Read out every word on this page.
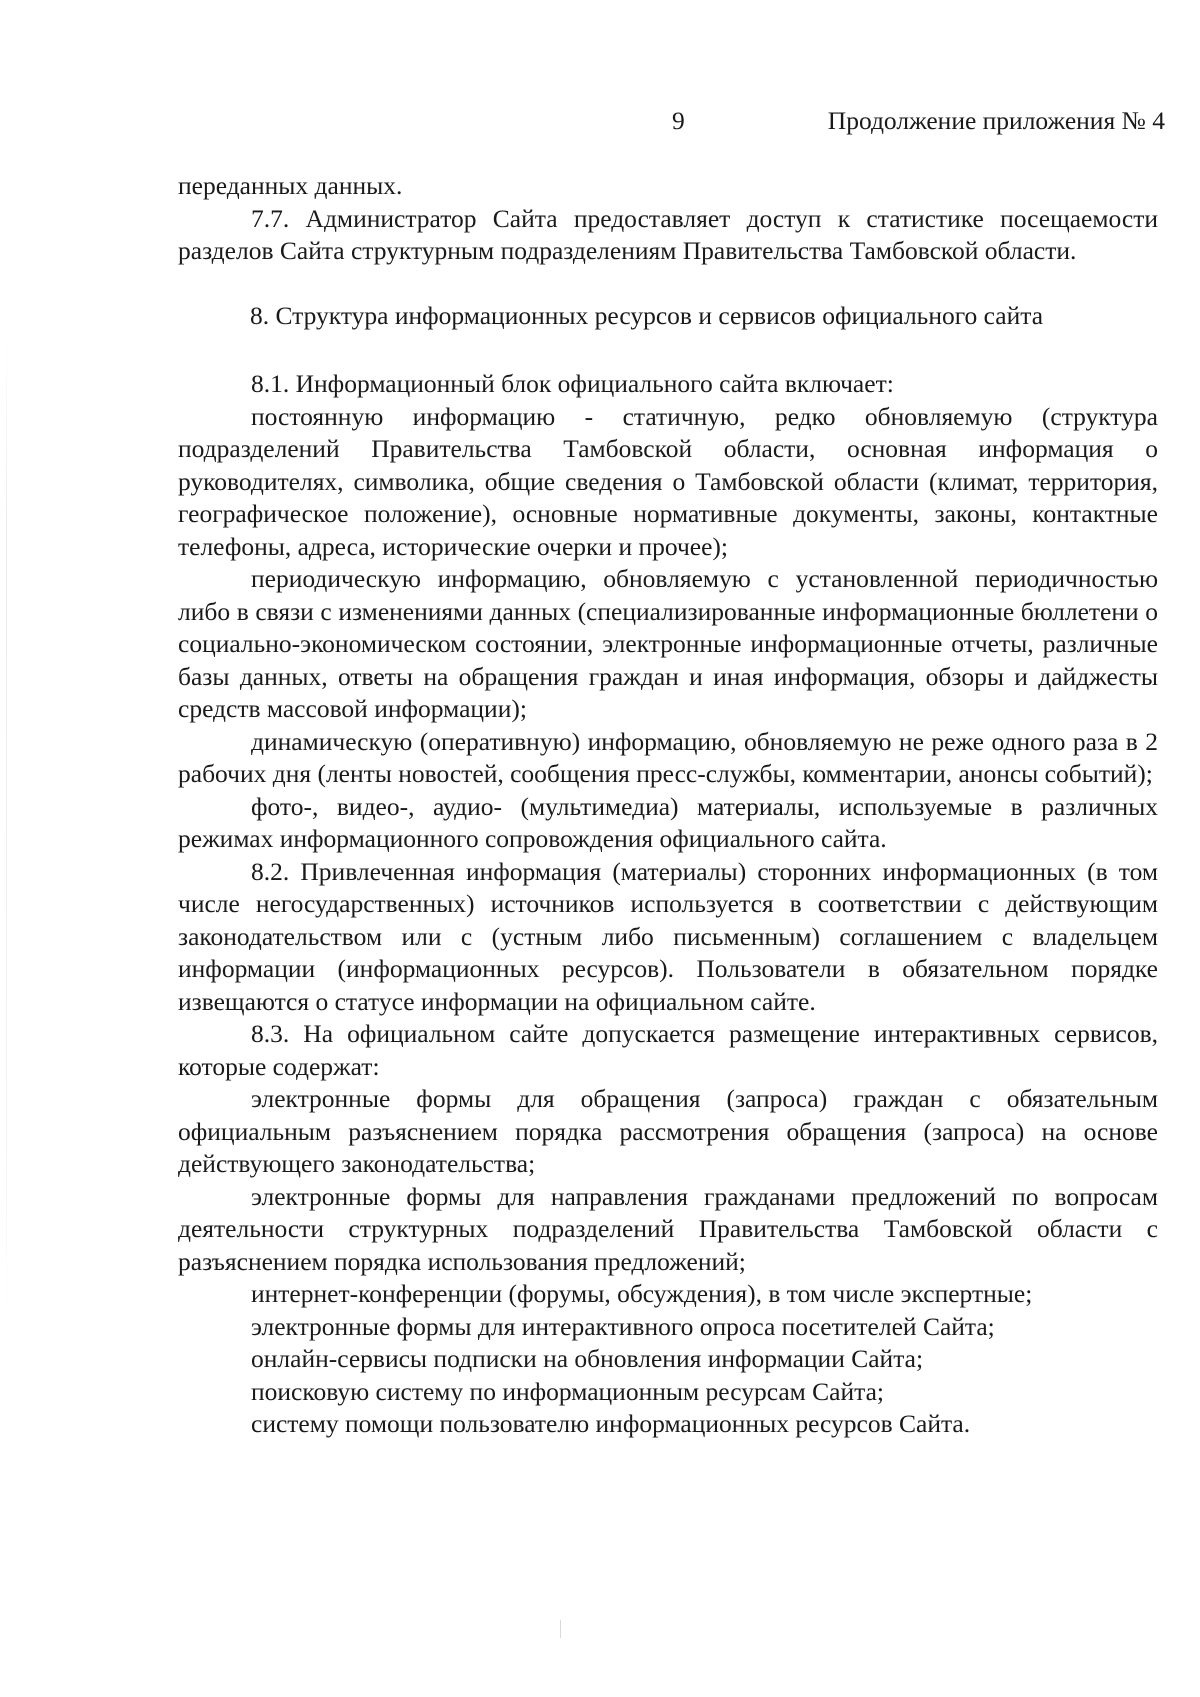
9	Продолжение приложения № 4

переданных данных.

7.7. Администратор Сайта предоставляет доступ к статистике посещаемости разделов Сайта структурным подразделениям Правительства Тамбовской области.

8. Структура информационных ресурсов и сервисов официального сайта

8.1. Информационный блок официального сайта включает:

постоянную информацию - статичную, редко обновляемую (структура подразделений Правительства Тамбовской области, основная информация о руководителях, символика, общие сведения о Тамбовской области (климат, территория, географическое положение), основные нормативные документы, законы, контактные телефоны, адреса, исторические очерки и прочее);

периодическую информацию, обновляемую с установленной периодичностью либо в связи с изменениями данных (специализированные информационные бюллетени о социально-экономическом состоянии, электронные информационные отчеты, различные базы данных, ответы на обращения граждан и иная информация, обзоры и дайджесты средств массовой информации);

динамическую (оперативную) информацию, обновляемую не реже одного раза в 2 рабочих дня (ленты новостей, сообщения пресс-службы, комментарии, анонсы событий);

фото-, видео-, аудио- (мультимедиа) материалы, используемые в различных режимах информационного сопровождения официального сайта.

8.2. Привлеченная информация (материалы) сторонних информационных (в том числе негосударственных) источников используется в соответствии с действующим законодательством или с (устным либо письменным) соглашением с владельцем информации (информационных ресурсов). Пользователи в обязательном порядке извещаются о статусе информации на официальном сайте.

8.3. На официальном сайте допускается размещение интерактивных сервисов, которые содержат:

электронные формы для обращения (запроса) граждан с обязательным официальным разъяснением порядка рассмотрения обращения (запроса) на основе действующего законодательства;

электронные формы для направления гражданами предложений по вопросам деятельности структурных подразделений Правительства Тамбовской области с разъяснением порядка использования предложений;

интернет-конференции (форумы, обсуждения), в том числе экспертные;

электронные формы для интерактивного опроса посетителей Сайта;

онлайн-сервисы подписки на обновления информации Сайта;

поисковую систему по информационным ресурсам Сайта;

систему помощи пользователю информационных ресурсов Сайта.
